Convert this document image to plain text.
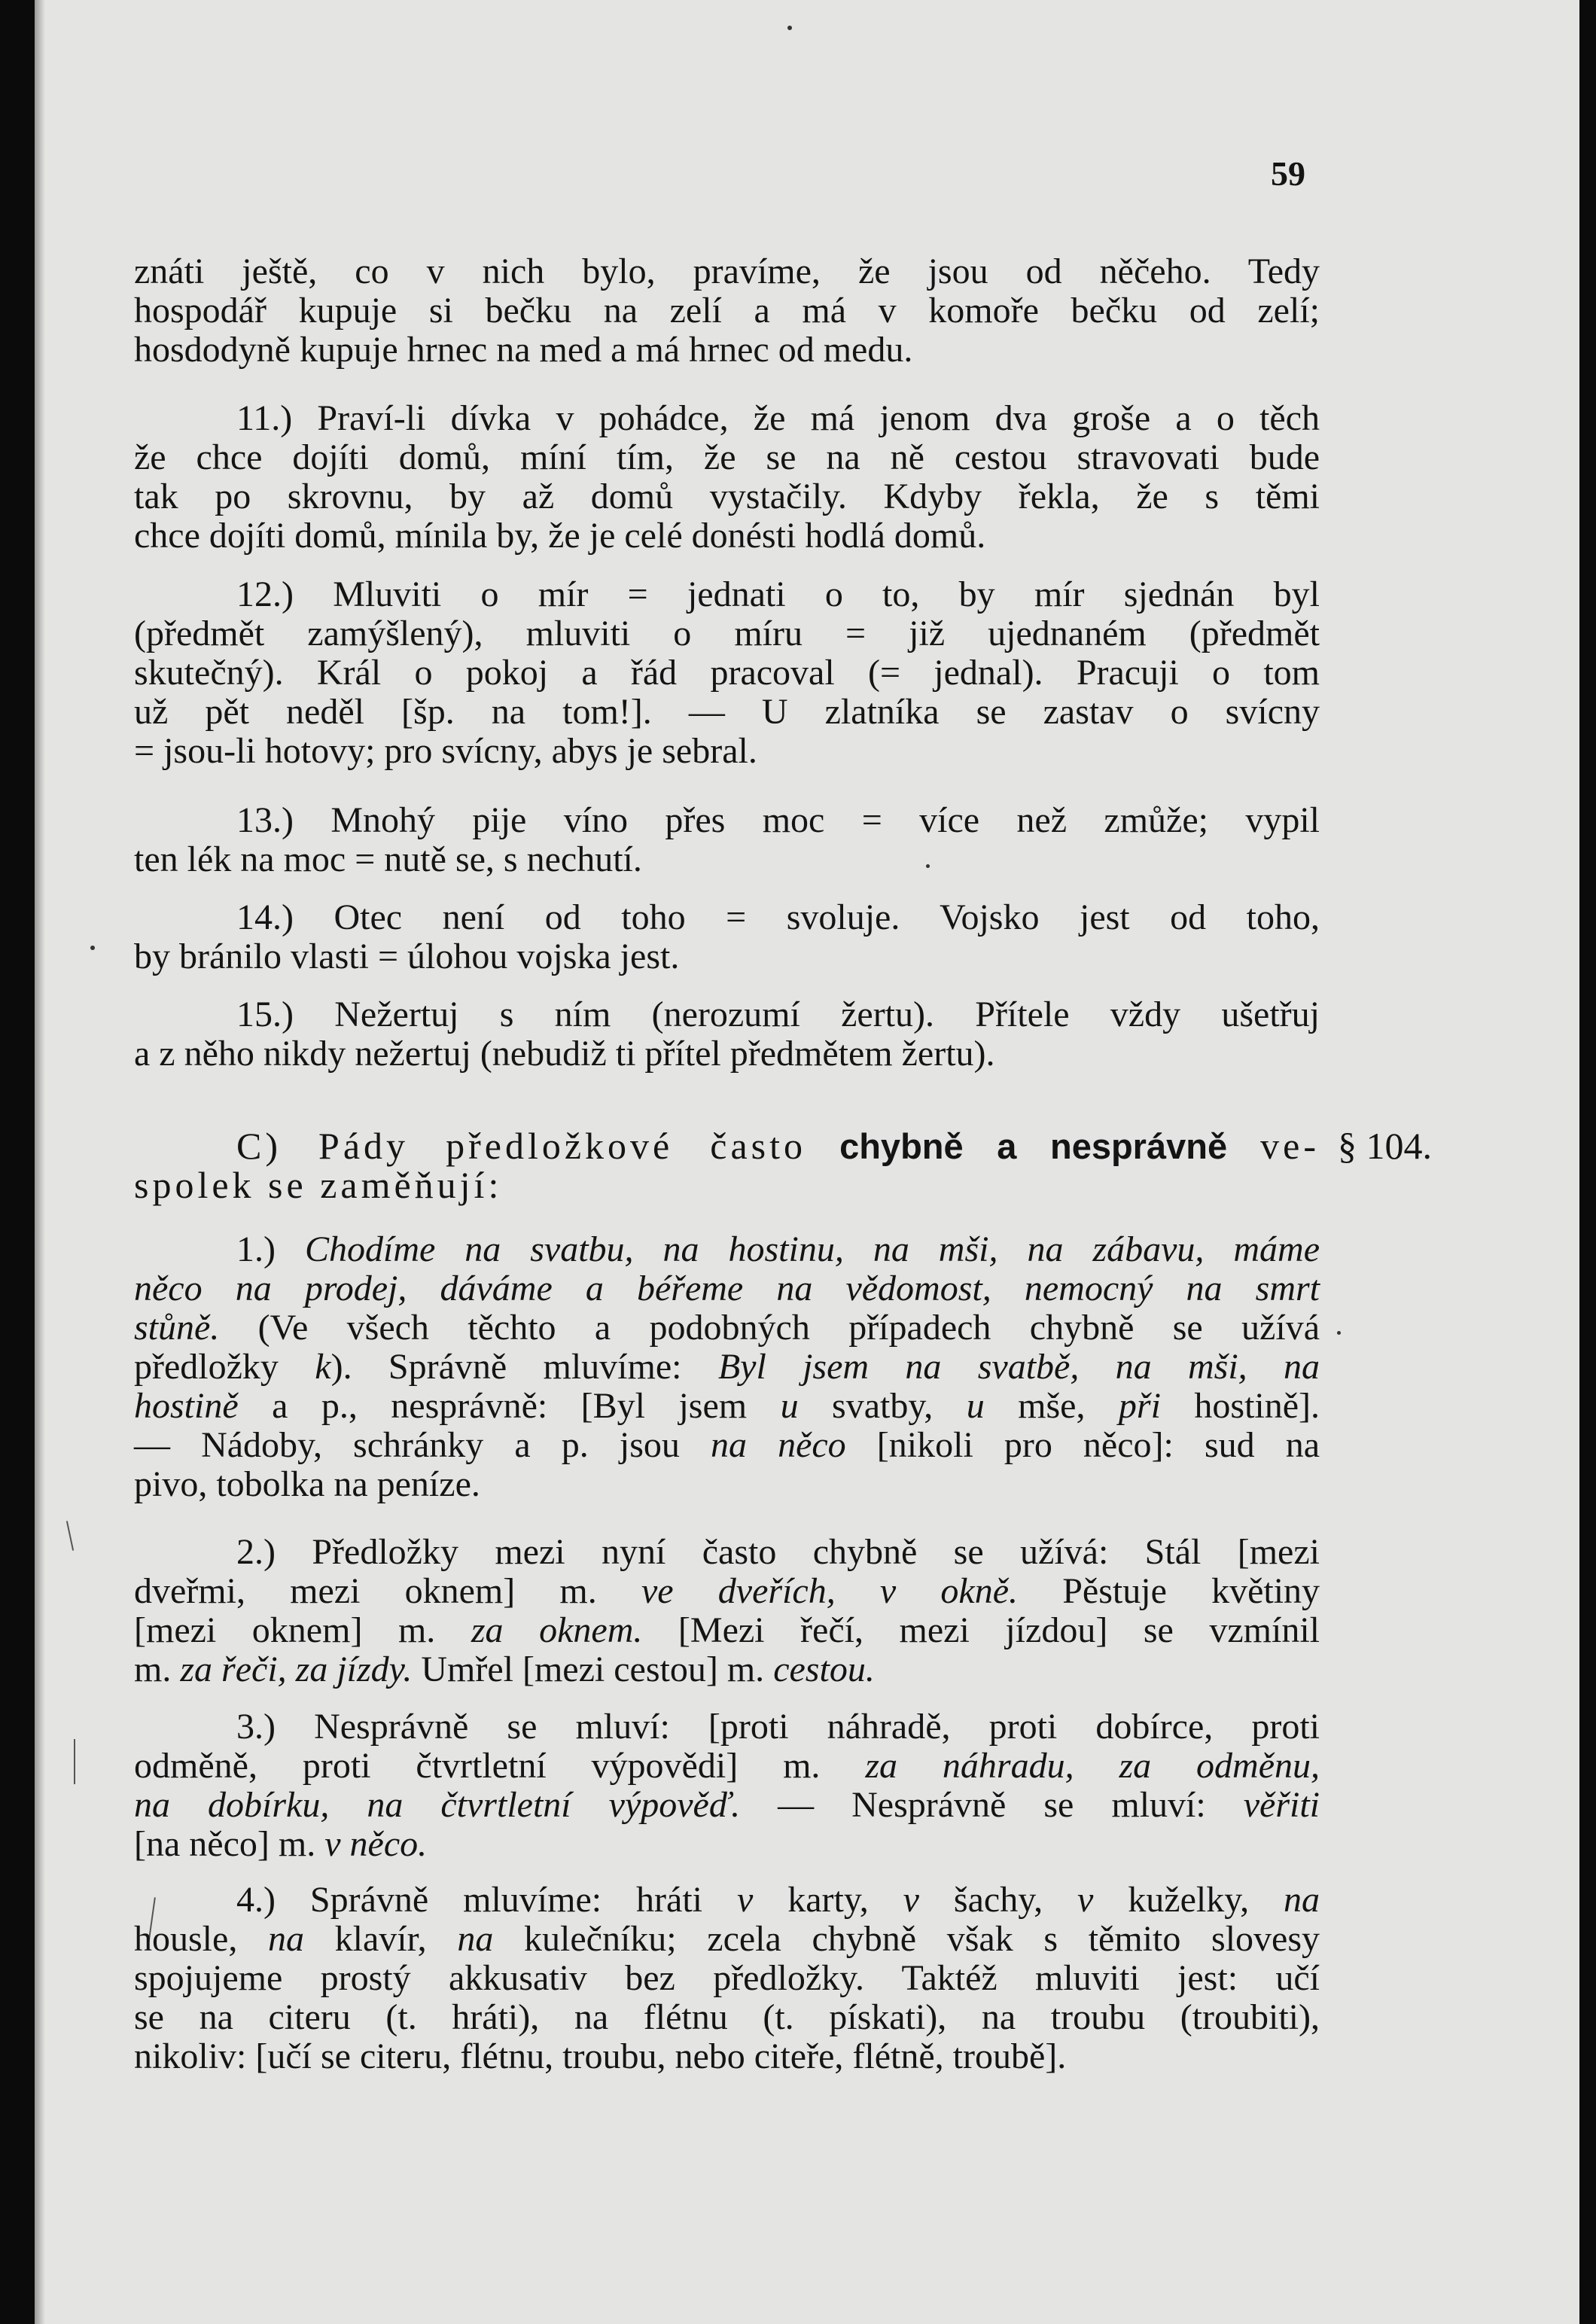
59
znáti ještě, co v nich bylo, pravíme, že jsou od něčeho. Tedy
hospodář kupuje si bečku na zelí a má v komoře bečku od zelí;
hosdodyně kupuje hrnec na med a má hrnec od medu.
11.) Praví-li dívka v pohádce, že má jenom dva groše a o těch
že chce dojíti domů, míní tím, že se na ně cestou stravovati bude
tak po skrovnu, by až domů vystačily. Kdyby řekla, že s těmi
chce dojíti domů, mínila by, že je celé donésti hodlá domů.
12.) Mluviti o mír = jednati o to, by mír sjednán byl
(předmět zamýšlený), mluviti o míru = již ujednaném (předmět
skutečný). Král o pokoj a řád pracoval (= jednal). Pracuji o tom
už pět neděl [šp. na tom!]. — U zlatníka se zastav o svícny
= jsou-li hotovy; pro svícny, abys je sebral.
13.) Mnohý pije víno přes moc = více než zmůže; vypil
ten lék na moc = nutě se, s nechutí.
14.) Otec není od toho = svoluje. Vojsko jest od toho,
by bránilo vlasti = úlohou vojska jest.
15.) Nežertuj s ním (nerozumí žertu). Přítele vždy ušetřuj
a z něho nikdy nežertuj (nebudiž ti přítel předmětem žertu).
C) Pády předložkové často chybně a nesprávně ve-
spolek se zaměňují:
§ 104.
1.) Chodíme na svatbu, na hostinu, na mši, na zábavu, máme
něco na prodej, dáváme a béřeme na vědomost, nemocný na smrt
stůně. (Ve všech těchto a podobných případech chybně se užívá
předložky k). Správně mluvíme: Byl jsem na svatbě, na mši, na
hostině a p., nesprávně: [Byl jsem u svatby, u mše, při hostině].
— Nádoby, schránky a p. jsou na něco [nikoli pro něco]: sud na
pivo, tobolka na peníze.
2.) Předložky mezi nyní často chybně se užívá: Stál [mezi
dveřmi, mezi oknem] m. ve dveřích, v okně. Pěstuje květiny
[mezi oknem] m. za oknem. [Mezi řečí, mezi jízdou] se vzmínil
m. za řeči, za jízdy. Umřel [mezi cestou] m. cestou.
3.) Nesprávně se mluví: [proti náhradě, proti dobírce, proti
odměně, proti čtvrtletní výpovědi] m. za náhradu, za odměnu,
na dobírku, na čtvrtletní výpověď. — Nesprávně se mluví: věřiti
[na něco] m. v něco.
4.) Správně mluvíme: hráti v karty, v šachy, v kuželky, na
housle, na klavír, na kulečníku; zcela chybně však s těmito slovesy
spojujeme prostý akkusativ bez předložky. Taktéž mluviti jest: učí
se na citeru (t. hráti), na flétnu (t. pískati), na troubu (troubiti),
nikoliv: [učí se citeru, flétnu, troubu, nebo citeře, flétně, troubě].
